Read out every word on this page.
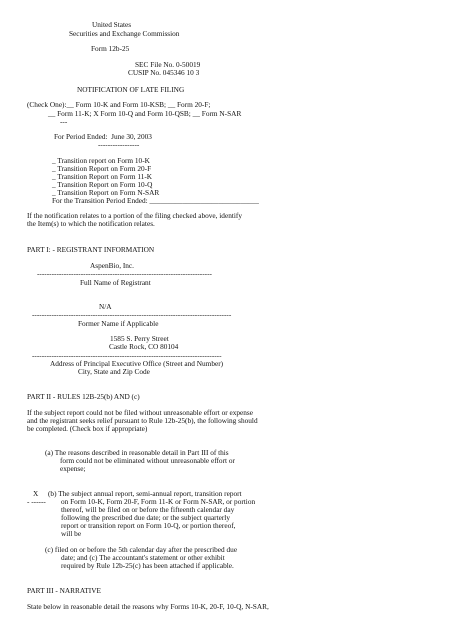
United States
Securities and Exchange Commission
Form 12b-25
SEC File No. 0-50019
CUSIP No. 045346 10 3
NOTIFICATION OF LATE FILING
(Check One):__ Form 10-K and Form 10-KSB; __ Form 20-F;
__ Form 11-K; X Form 10-Q and Form 10-QSB; __ Form N-SAR
---
For Period Ended:  June 30, 2003
-----------------
_ Transition report on Form 10-K
_ Transition Report on Form 20-F
_ Transition Report on Form 11-K
_ Transition Report on Form 10-Q
_ Transition Report on Form N-SAR
For the Transition Period Ended: ______________________________
If the notification relates to a portion of the filing checked above, identify
the Item(s) to which the notification relates.
PART I: - REGISTRANT INFORMATION
AspenBio, Inc.
------------------------------------------------------------------------
Full Name of Registrant
N/A
----------------------------------------------------------------------------------
Former Name if Applicable
1585 S. Perry Street
Castle Rock, CO 80104
------------------------------------------------------------------------------
Address of Principal Executive Office (Street and Number)
City, State and Zip Code
PART II - RULES 12B-25(b) AND (c)
If the subject report could not be filed without unreasonable effort or expense
and the registrant seeks relief pursuant to Rule 12b-25(b), the following should
be completed. (Check box if appropriate)
(a) The reasons described in reasonable detail in Part III of this
form could not be eliminated without unreasonable effort or
expense;
X (b) The subject annual report, semi-annual report, transition report
- ------ on Form 10-K, Form 20-F, Form 11-K or Form N-SAR, or portion
thereof, will be filed on or before the fifteenth calendar day
following the prescribed due date; or the subject quarterly
report or transition report on Form 10-Q, or portion thereof,
will be
(c) filed on or before the 5th calendar day after the prescribed due
date; and (c) The accountant's statement or other exhibit
required by Rule 12b-25(c) has been attached if applicable.
PART III - NARRATIVE
State below in reasonable detail the reasons why Forms 10-K, 20-F, 10-Q, N-SAR,
